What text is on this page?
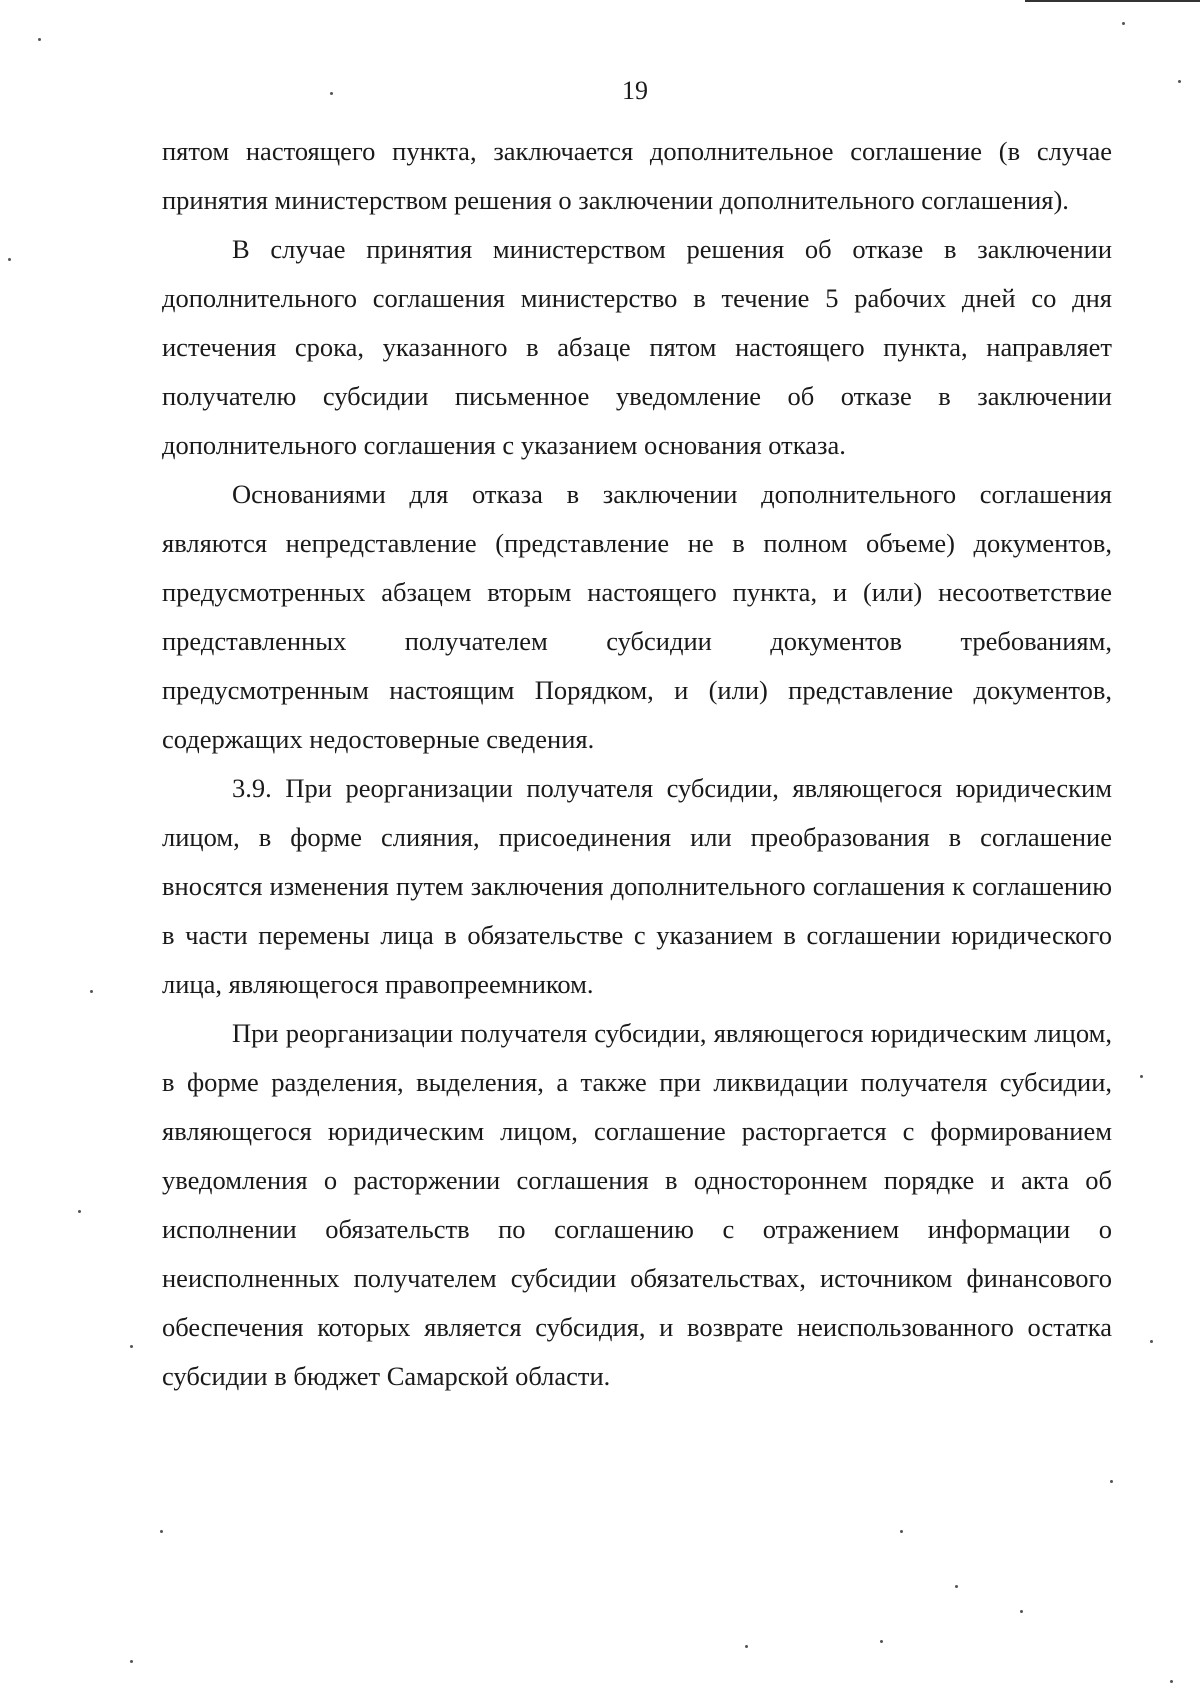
19

пятом настоящего пункта, заключается дополнительное соглашение (в случае принятия министерством решения о заключении дополнительного соглашения).

В случае принятия министерством решения об отказе в заключении дополнительного соглашения министерство в течение 5 рабочих дней со дня истечения срока, указанного в абзаце пятом настоящего пункта, направляет получателю субсидии письменное уведомление об отказе в заключении дополнительного соглашения с указанием основания отказа.

Основаниями для отказа в заключении дополнительного соглашения являются непредставление (представление не в полном объеме) документов, предусмотренных абзацем вторым настоящего пункта, и (или) несоответствие представленных получателем субсидии документов требованиям, предусмотренным настоящим Порядком, и (или) представление документов, содержащих недостоверные сведения.

3.9. При реорганизации получателя субсидии, являющегося юридическим лицом, в форме слияния, присоединения или преобразования в соглашение вносятся изменения путем заключения дополнительного соглашения к соглашению в части перемены лица в обязательстве с указанием в соглашении юридического лица, являющегося правопреемником.

При реорганизации получателя субсидии, являющегося юридическим лицом, в форме разделения, выделения, а также при ликвидации получателя субсидии, являющегося юридическим лицом, соглашение расторгается с формированием уведомления о расторжении соглашения в одностороннем порядке и акта об исполнении обязательств по соглашению с отражением информации о неисполненных получателем субсидии обязательствах, источником финансового обеспечения которых является субсидия, и возврате неиспользованного остатка субсидии в бюджет Самарской области.
